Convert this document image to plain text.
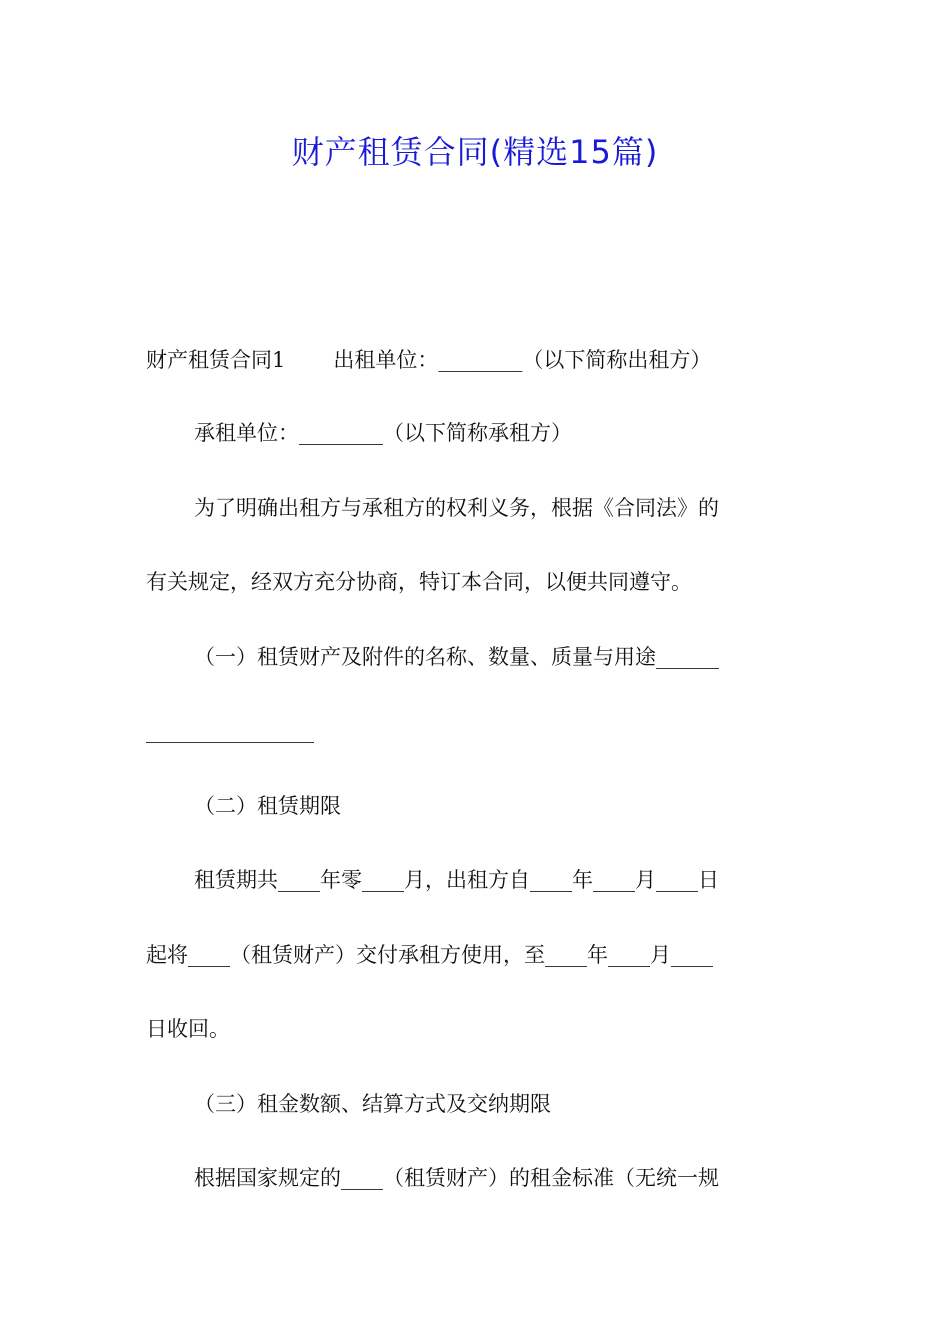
财产租赁合同(精选15篇)

财产租赁合同1 出租单位：________（以下简称出租方）

承租单位：________（以下简称承租方）

为了明确出租方与承租方的权利义务，根据《合同法》的

有关规定，经双方充分协商，特订本合同，以便共同遵守。

（一）租赁财产及附件的名称、数量、质量与用途______

________________

（二）租赁期限

租赁期共____年零____月，出租方自____年____月____日

起将____（租赁财产）交付承租方使用，至____年____月____

日收回。

（三）租金数额、结算方式及交纳期限

根据国家规定的____（租赁财产）的租金标准（无统一规
